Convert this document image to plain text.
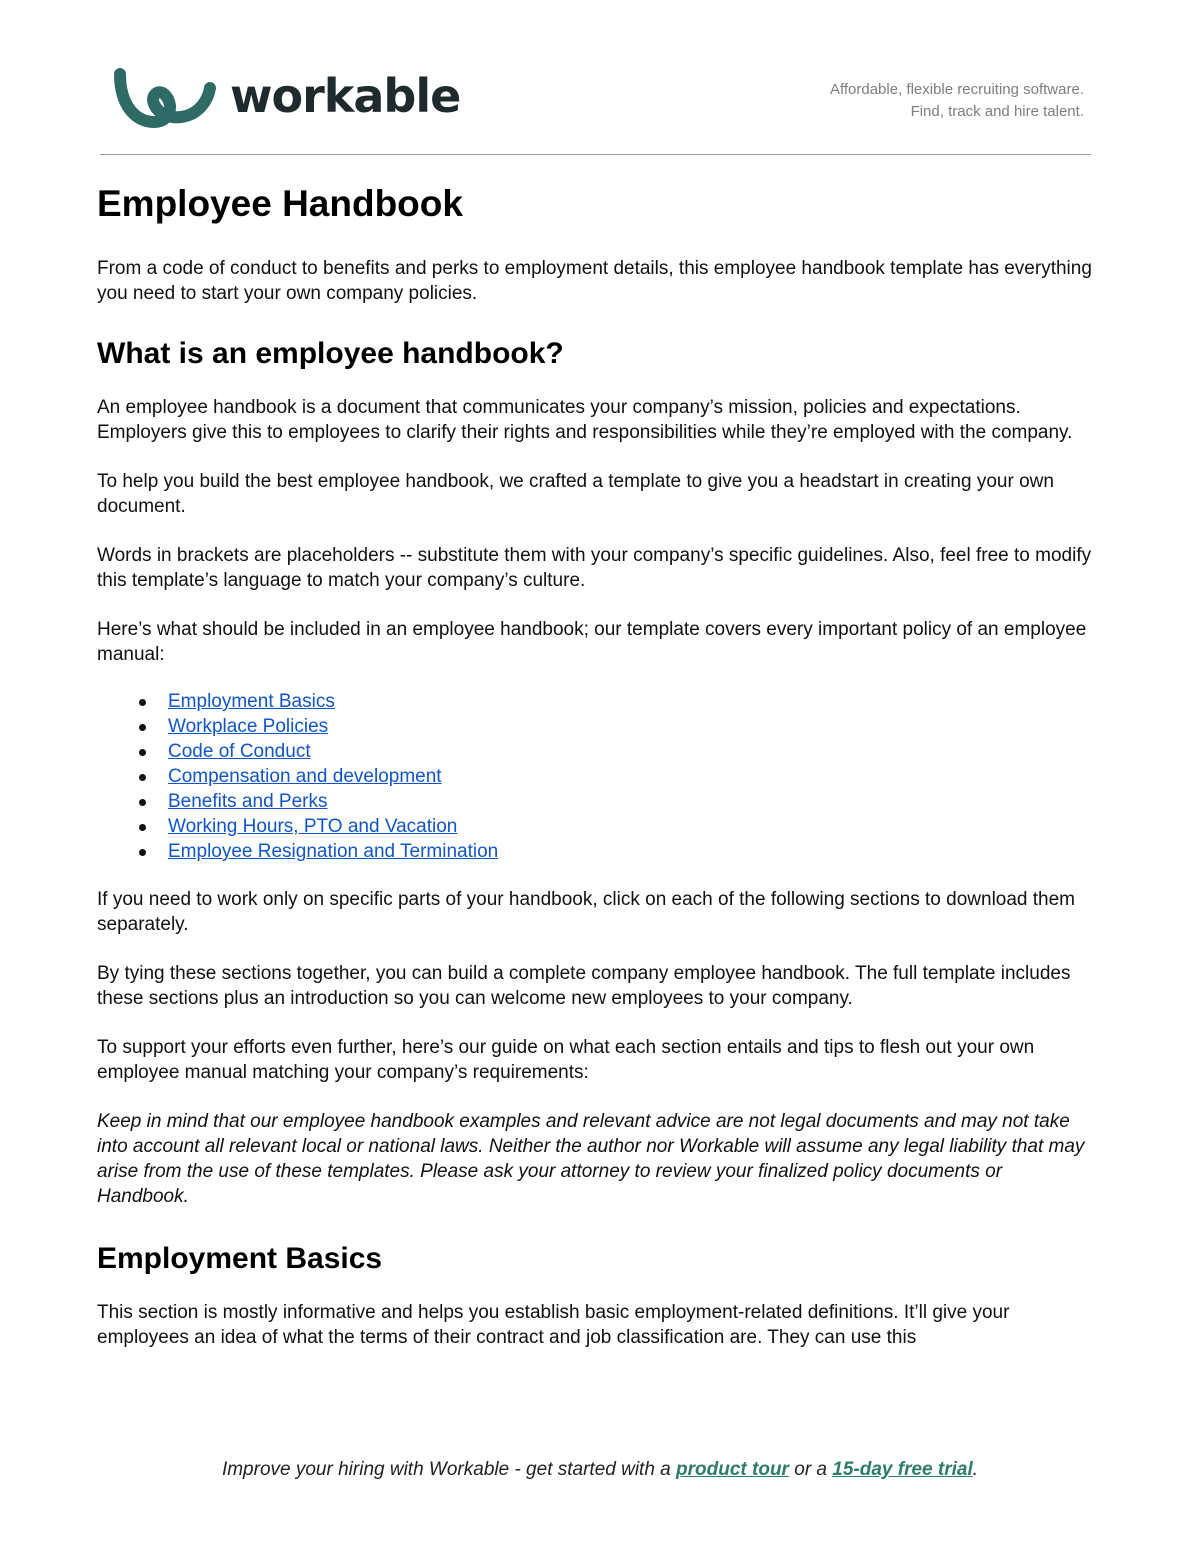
workable	Affordable, flexible recruiting software.
Find, track and hire talent.
Employee Handbook

From a code of conduct to benefits and perks to employment details, this employee handbook template has everything you need to start your own company policies.

What is an employee handbook?

An employee handbook is a document that communicates your company’s mission, policies and expectations. Employers give this to employees to clarify their rights and responsibilities while they’re employed with the company.

To help you build the best employee handbook, we crafted a template to give you a headstart in creating your own document.

Words in brackets are placeholders -- substitute them with your company’s specific guidelines. Also, feel free to modify this template’s language to match your company’s culture.

Here’s what should be included in an employee handbook; our template covers every important policy of an employee manual:

Employment Basics
Workplace Policies
Code of Conduct
Compensation and development
Benefits and Perks
Working Hours, PTO and Vacation
Employee Resignation and Termination

If you need to work only on specific parts of your handbook, click on each of the following sections to download them separately.

By tying these sections together, you can build a complete company employee handbook. The full template includes these sections plus an introduction so you can welcome new employees to your company.

To support your efforts even further, here’s our guide on what each section entails and tips to flesh out your own employee manual matching your company’s requirements:

Keep in mind that our employee handbook examples and relevant advice are not legal documents and may not take into account all relevant local or national laws. Neither the author nor Workable will assume any legal liability that may arise from the use of these templates. Please ask your attorney to review your finalized policy documents or Handbook.

Employment Basics

This section is mostly informative and helps you establish basic employment-related definitions. It’ll give your employees an idea of what the terms of their contract and job classification are. They can use this

Improve your hiring with Workable - get started with a product tour or a 15-day free trial.
